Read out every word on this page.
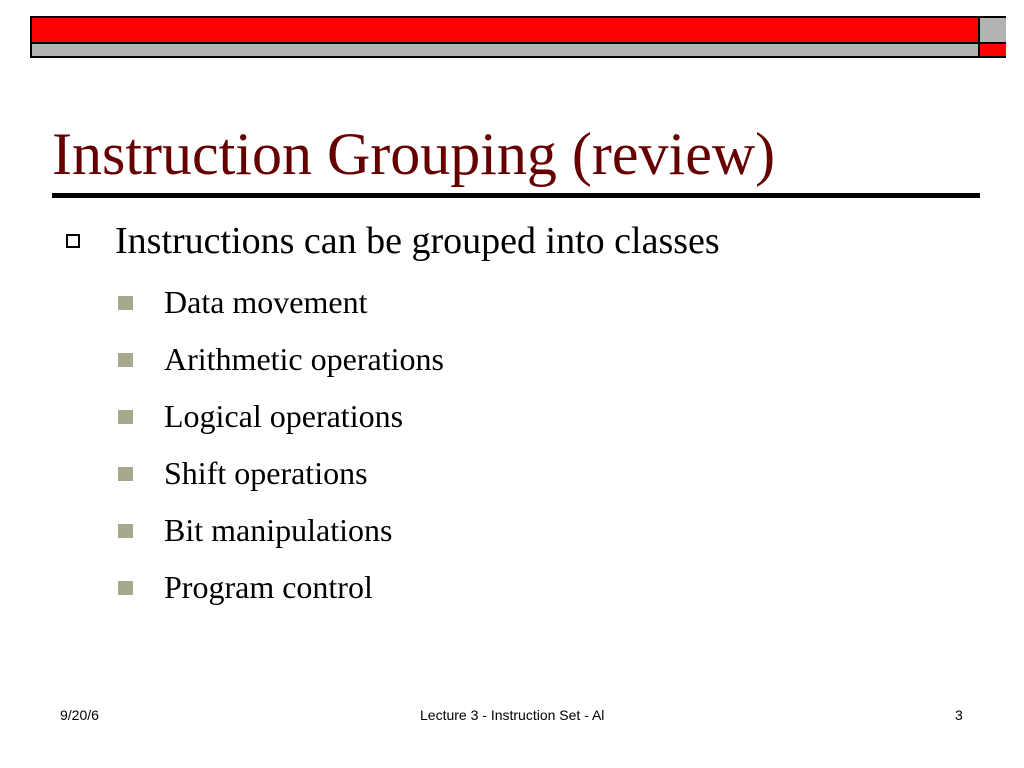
Instruction Grouping (review)
Instructions can be grouped into classes
Data movement
Arithmetic operations
Logical operations
Shift operations
Bit manipulations
Program control
9/20/6	Lecture 3 - Instruction Set - Al	3
